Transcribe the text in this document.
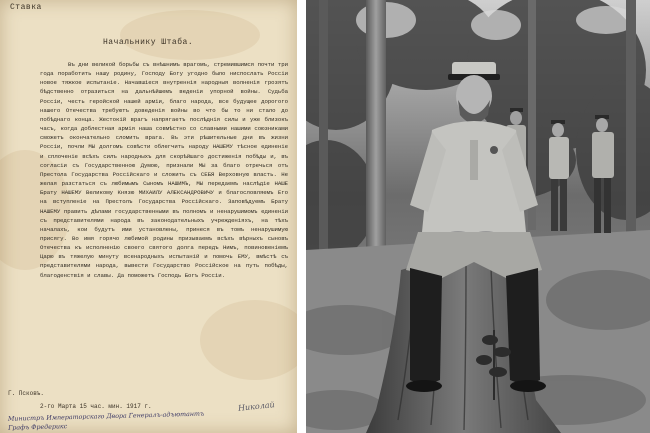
Ставка
Начальнику Штаба.

Въ дни великой борьбы съ внѣшнимъ врагомъ, стремившимся почти три года поработить нашу родину, Господу Богу угодно было ниспослать Россiи новое тяжкое испытанiе. Начавшiеся внутреннiя народныя волненiя грозятъ бѣдственно отразиться на дальнѣйшемъ веденiи упорной войны. Судьба Россiи, честь геройской нашей армiи, благо народа, все будущее дорогого нашего Отечества требуютъ доведенiя войны во что бы то ни стало до побѣднаго конца. Жестокiй врагъ напрягаетъ послѣднiя силы и уже близокъ часъ, когда доблестная армiя наша совмѣстно со славными нашими союзниками сможетъ окончательно сломить врага. Въ эти рѣшительные дни въ жизни Россiи, почли МЫ долгомъ совѣсти облегчить народу НАШЕМУ тѣсное единенiе и сплоченiе всѣхъ силъ народныхъ для скорѣйшаго достиженiя побѣды и, въ согласiи съ Государственною Думою, признали МЫ за благо отречься отъ Престола Государства Россiйскаго и сложить съ СЕБЯ Верховную власть. Не желая разстаться съ любимымъ Сыномъ НАШИМЪ, МЫ передаемъ наслѣдiе НАШЕ Брату НАШЕМУ Великому Князю МИХАИЛУ АЛЕКСАНДРОВИЧУ и благословляемъ Его на вступленiе на Престолъ Государства Россiйскаго. Заповѣдуемъ Брату НАШЕМУ править дѣлами государственными въ полномъ и ненарушимомъ единенiи съ представителями народа въ законодательныхъ учрежденiяхъ, на тѣхъ началахъ, кои будутъ ими установлены, принеся въ томъ ненарушимую присягу. Во имя горячо любимой родины призываемъ всѣхъ вѣрныхъ сыновъ Отечества къ исполненiю своего святого долга передъ Нимъ, повиновенiемъ Царю въ тяжелую минуту всенародныхъ испытанiй и помочь ЕМУ, вмѣстѣ съ представителями народа, вывести Государство Россiйское на путь побѣды, благоденствiя и славы. Да поможетъ Господь Богъ Россiи.

Г. Псковъ.
2-го Марта 15 час. мин. 1917 г.	Николай
Министръ Императорскаго Двора Генералъ-адъютантъ Графъ Фредерикс
